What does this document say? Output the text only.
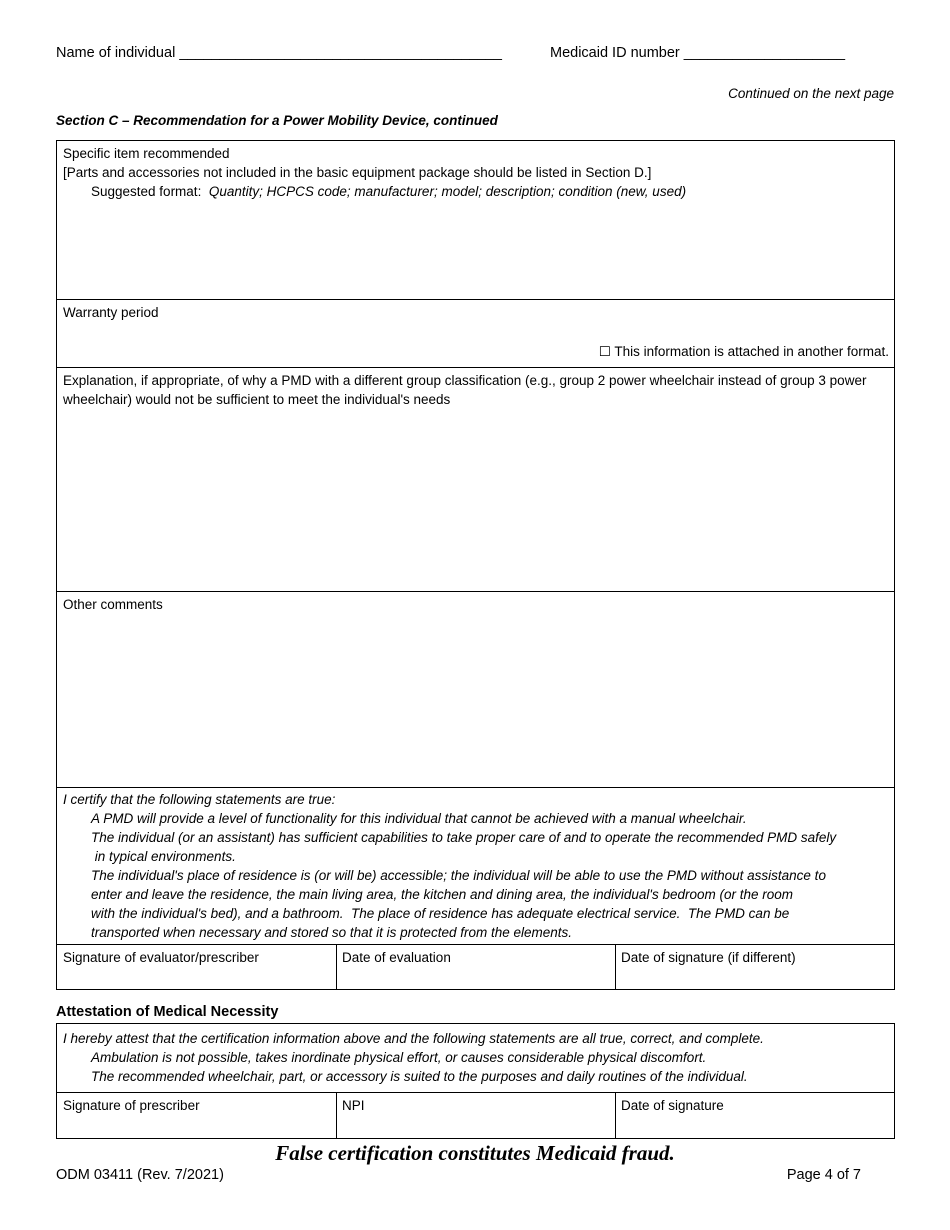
Name of individual ________________________________________	Medicaid ID number ____________________
Continued on the next page
Section C – Recommendation for a Power Mobility Device, continued
Specific item recommended
[Parts and accessories not included in the basic equipment package should be listed in Section D.]
Suggested format: Quantity; HCPCS code; manufacturer; model; description; condition (new, used)
Warranty period
☐ This information is attached in another format.
Explanation, if appropriate, of why a PMD with a different group classification (e.g., group 2 power wheelchair instead of group 3 power wheelchair) would not be sufficient to meet the individual's needs
Other comments
I certify that the following statements are true:
A PMD will provide a level of functionality for this individual that cannot be achieved with a manual wheelchair.
The individual (or an assistant) has sufficient capabilities to take proper care of and to operate the recommended PMD safely
in typical environments.
The individual's place of residence is (or will be) accessible; the individual will be able to use the PMD without assistance to
enter and leave the residence, the main living area, the kitchen and dining area, the individual's bedroom (or the room
with the individual's bed), and a bathroom.  The place of residence has adequate electrical service.  The PMD can be
transported when necessary and stored so that it is protected from the elements.
Signature of evaluator/prescriber	Date of evaluation	Date of signature (if different)
Attestation of Medical Necessity
I hereby attest that the certification information above and the following statements are all true, correct, and complete.
Ambulation is not possible, takes inordinate physical effort, or causes considerable physical discomfort.
The recommended wheelchair, part, or accessory is suited to the purposes and daily routines of the individual.
Signature of prescriber	NPI	Date of signature
False certification constitutes Medicaid fraud.
ODM 03411 (Rev. 7/2021)	Page 4 of 7
